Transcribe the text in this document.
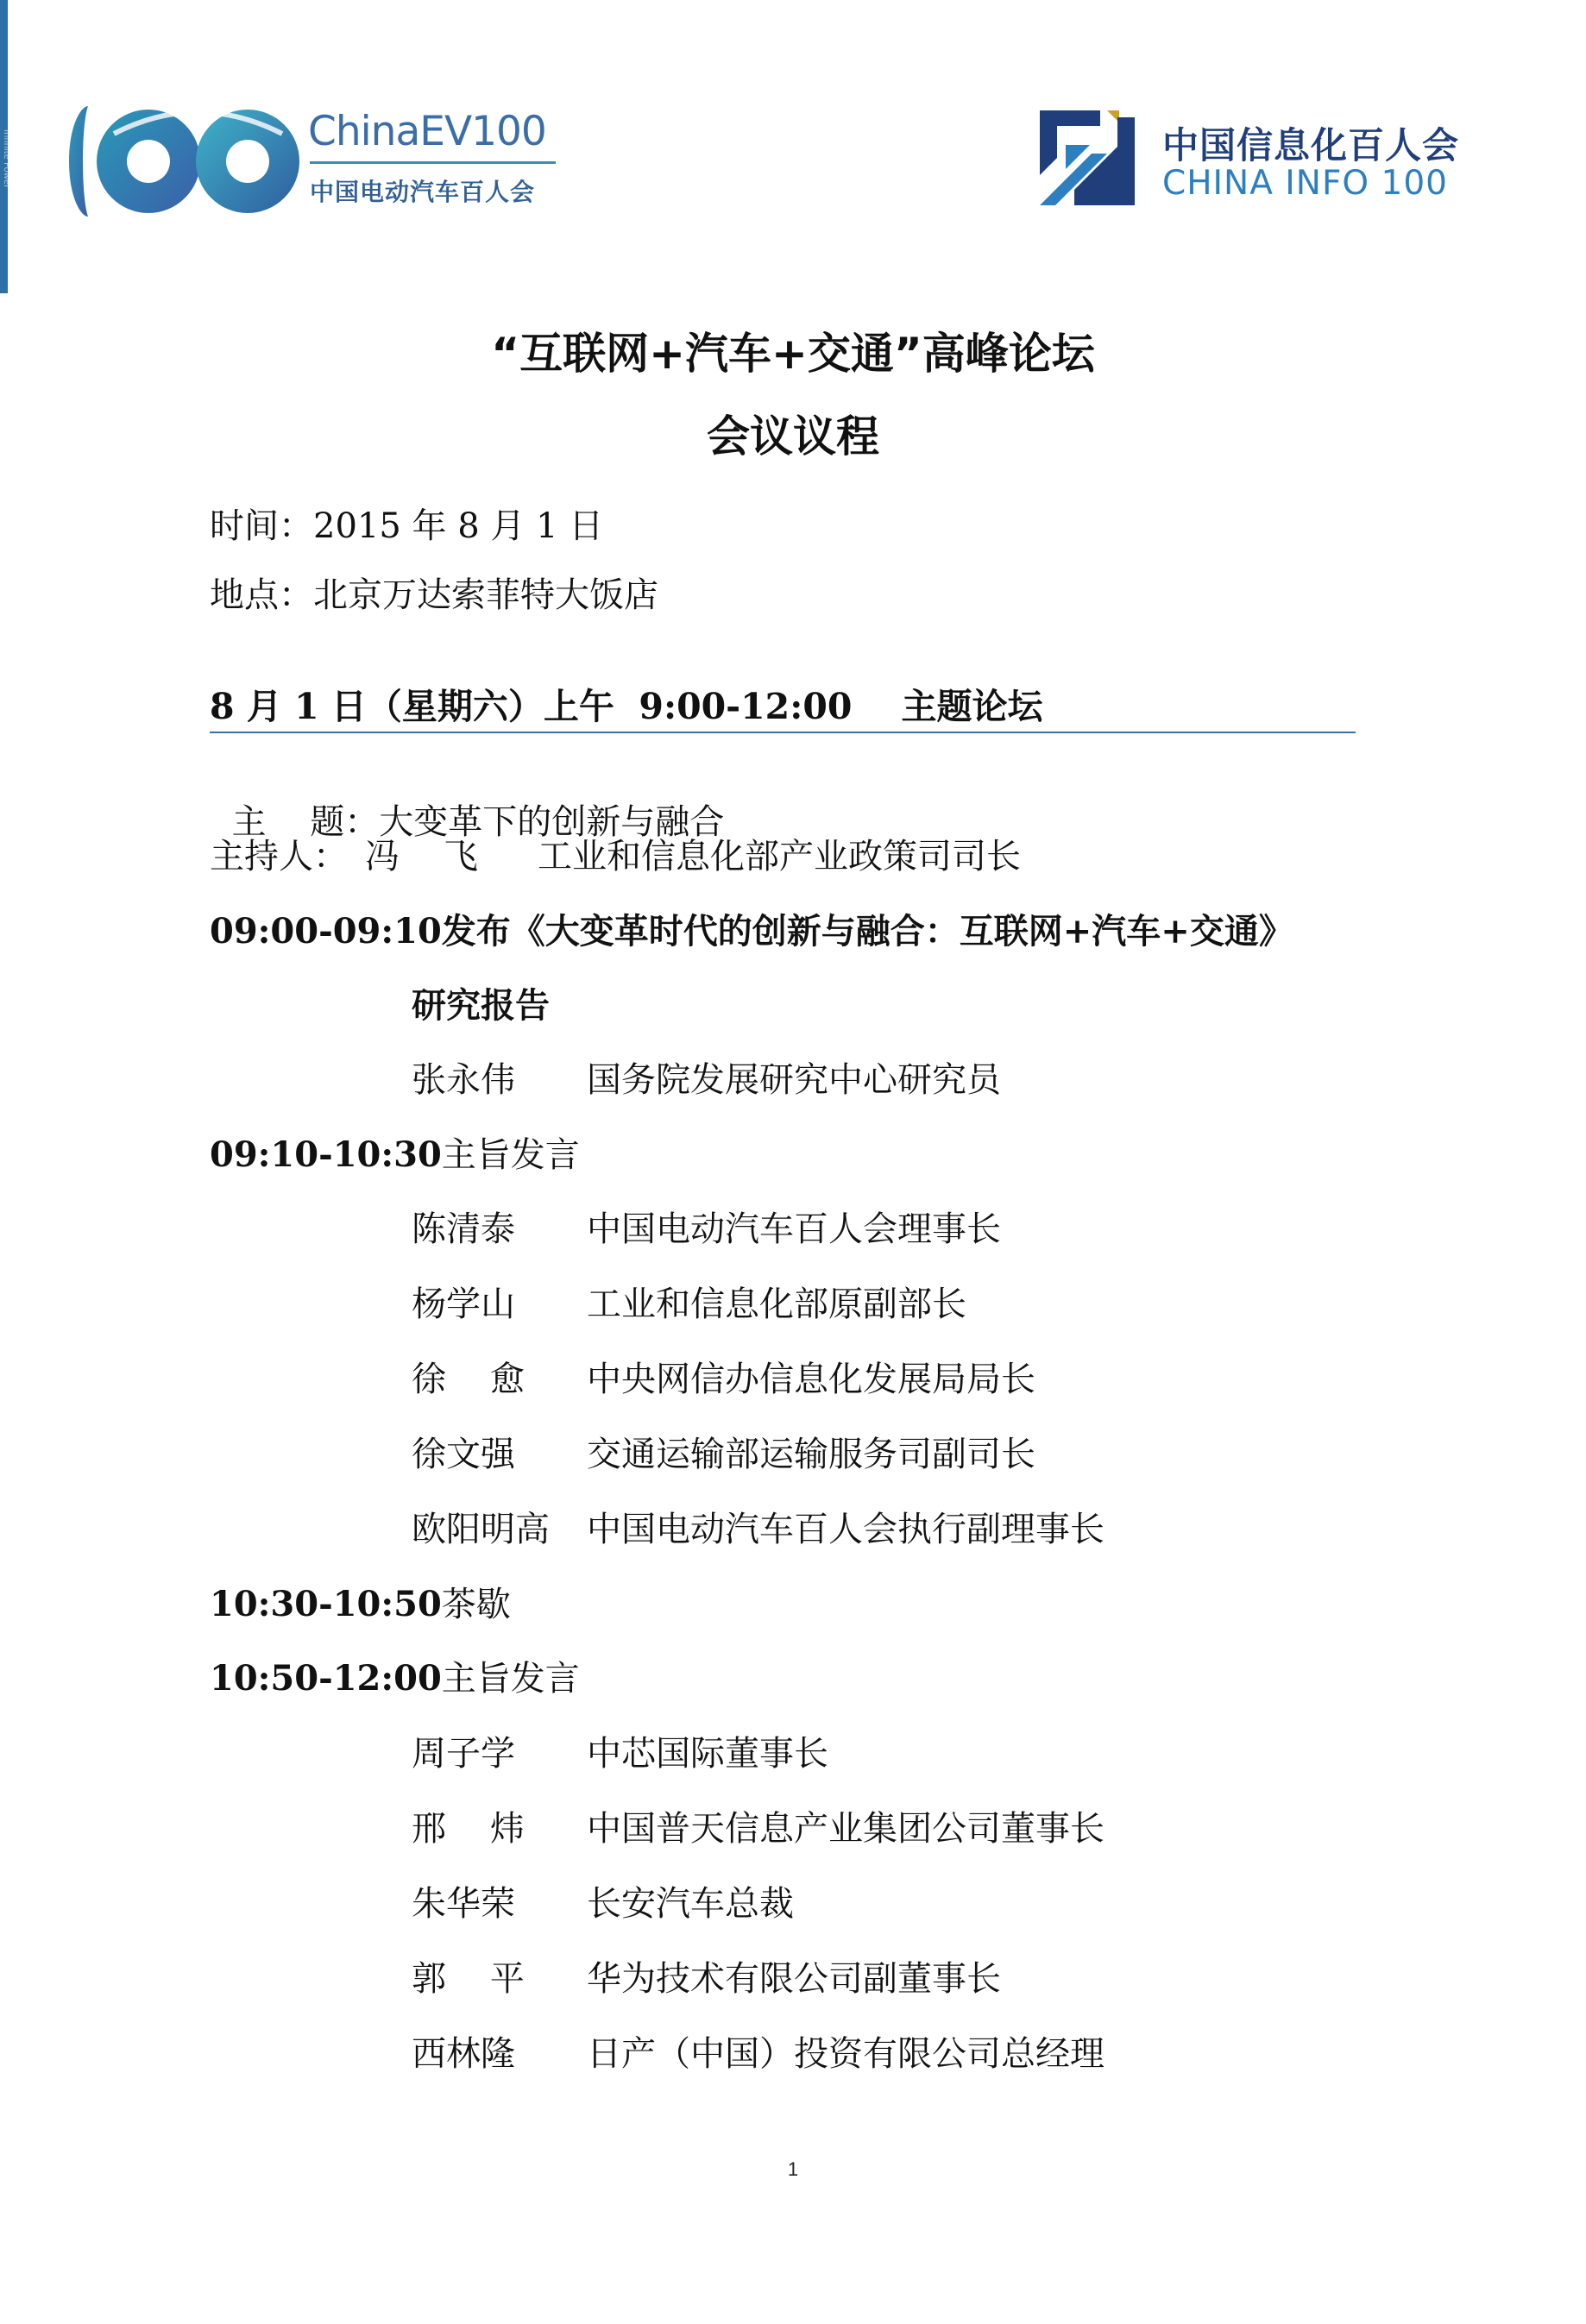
Infinite Power	ChinaEV100
中国电动汽车百人会
中国信息化百人会
CHINA INFO 100
“互联网+汽车+交通”高峰论坛
会议议程
时间：2015 年 8 月 1 日
地点：北京万达索菲特大饭店
8 月 1 日（星期六）上午  9:00-12:00    主题论坛

主    题：大变革下的创新与融合

主持人： 冯    飞 工业和信息化部产业政策司司长
09:00-09:10发布《大变革时代的创新与融合：互联网+汽车+交通》
研究报告
张永伟 国务院发展研究中心研究员
09:10-10:30主旨发言
陈清泰 中国电动汽车百人会理事长
杨学山 工业和信息化部原副部长
徐    愈 中央网信办信息化发展局局长
徐文强 交通运输部运输服务司副司长
欧阳明高 中国电动汽车百人会执行副理事长
10:30-10:50茶歇
10:50-12:00主旨发言
周子学 中芯国际董事长
邢    炜 中国普天信息产业集团公司董事长
朱华荣 长安汽车总裁
郭    平 华为技术有限公司副董事长
西林隆 日产（中国）投资有限公司总经理
1
